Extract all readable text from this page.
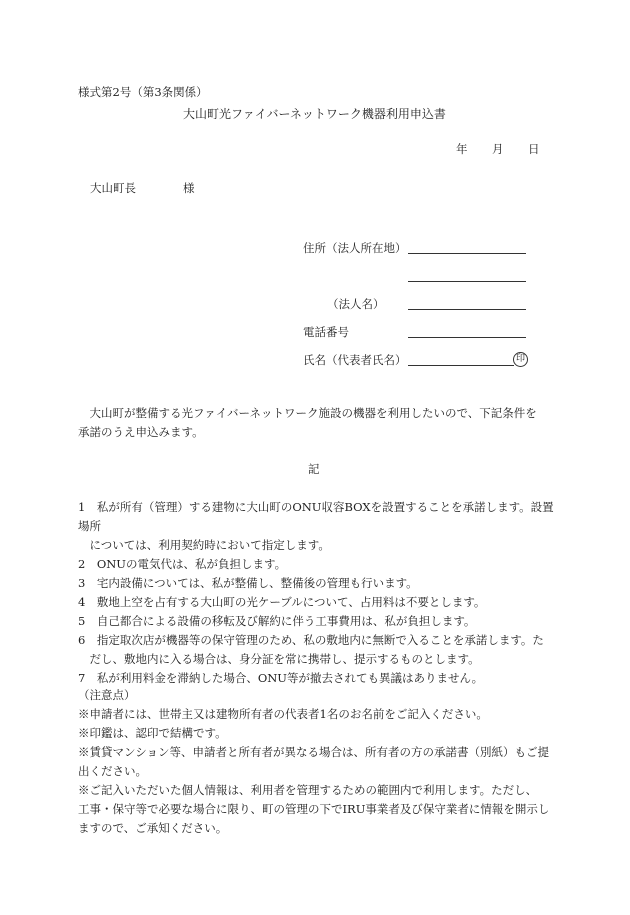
様式第2号（第3条関係）
大山町光ファイバーネットワーク機器利用申込書
年 月 日
大山町長	様
住所（法人所在地）
（法人名）
電話番号
氏名（代表者氏名）	印
　大山町が整備する光ファイバーネットワーク施設の機器を利用したいので、下記条件を
承諾のうえ申込みます。
記
1　私が所有（管理）する建物に大山町のONU収容BOXを設置することを承諾します。設置場所
　については、利用契約時において指定します。
2　ONUの電気代は、私が負担します。
3　宅内設備については、私が整備し、整備後の管理も行います。
4　敷地上空を占有する大山町の光ケーブルについて、占用料は不要とします。
5　自己都合による設備の移転及び解約に伴う工事費用は、私が負担します。
6　指定取次店が機器等の保守管理のため、私の敷地内に無断で入ることを承諾します。た
　だし、敷地内に入る場合は、身分証を常に携帯し、提示するものとします。
7　私が利用料金を滞納した場合、ONU等が撤去されても異議はありません。
（注意点）
※申請者には、世帯主又は建物所有者の代表者1名のお名前をご記入ください。
※印鑑は、認印で結構です。
※賃貸マンション等、申請者と所有者が異なる場合は、所有者の方の承諾書（別紙）もご提
出ください。
※ご記入いただいた個人情報は、利用者を管理するための範囲内で利用します。ただし、
工事・保守等で必要な場合に限り、町の管理の下でIRU事業者及び保守業者に情報を開示し
ますので、ご承知ください。
